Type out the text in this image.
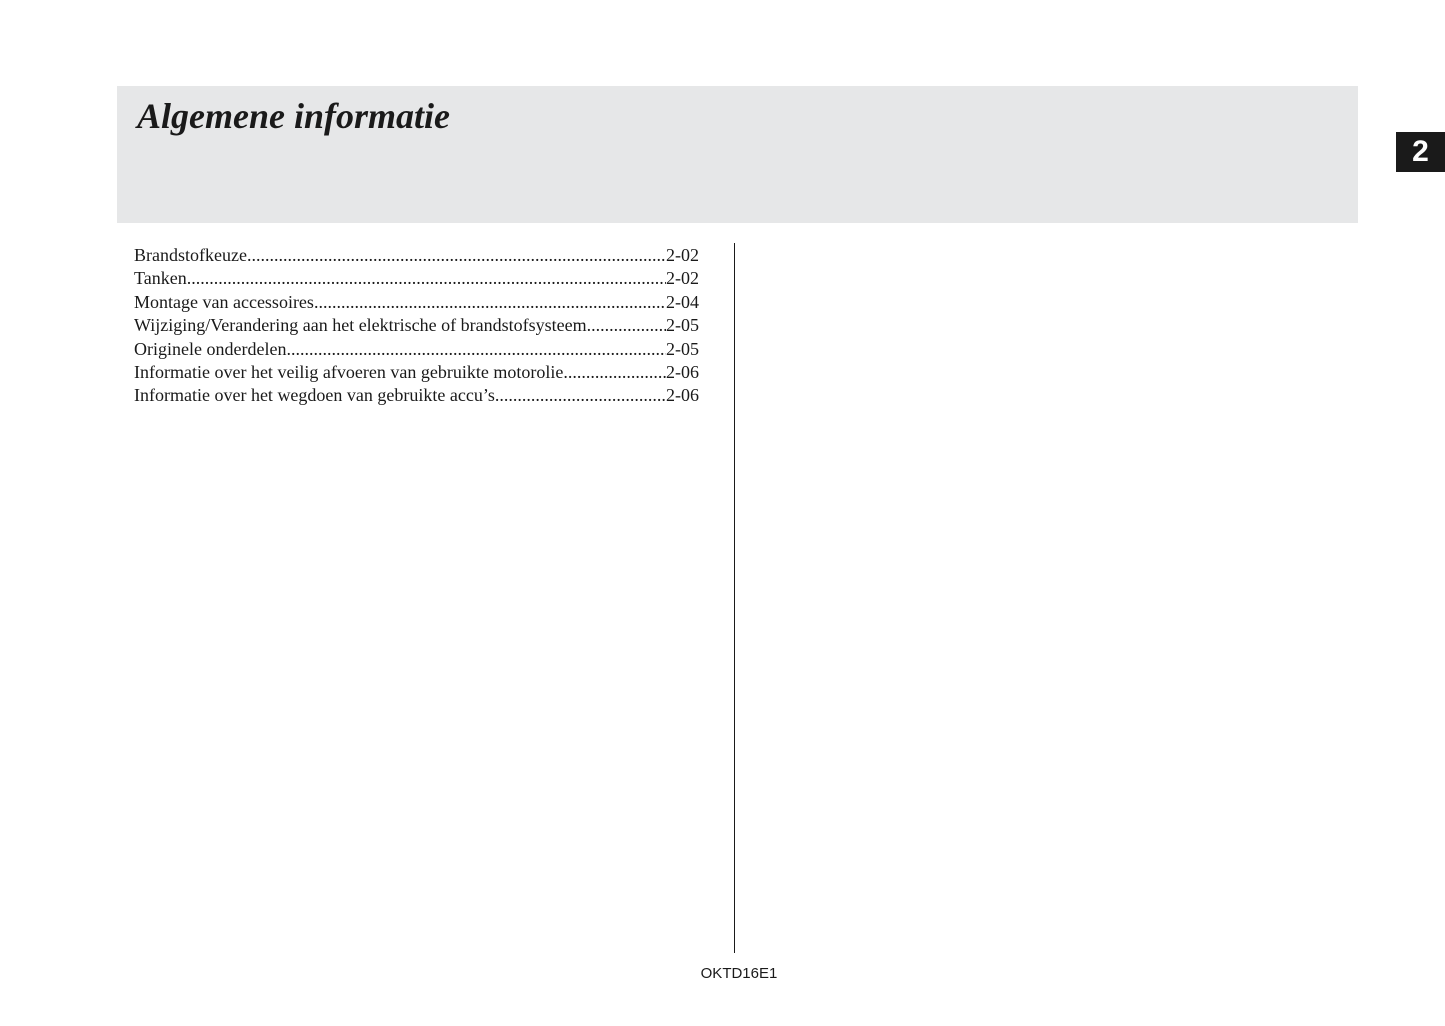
Algemene informatie
2
Brandstofkeuze .....	2-02
Tanken .....	2-02
Montage van accessoires .....	2-04
Wijziging/Verandering aan het elektrische of brandstofsysteem .....	2-05
Originele onderdelen .....	2-05
Informatie over het veilig afvoeren van gebruikte motorolie .....	2-06
Informatie over het wegdoen van gebruikte accu’s .....	2-06
OKTD16E1
